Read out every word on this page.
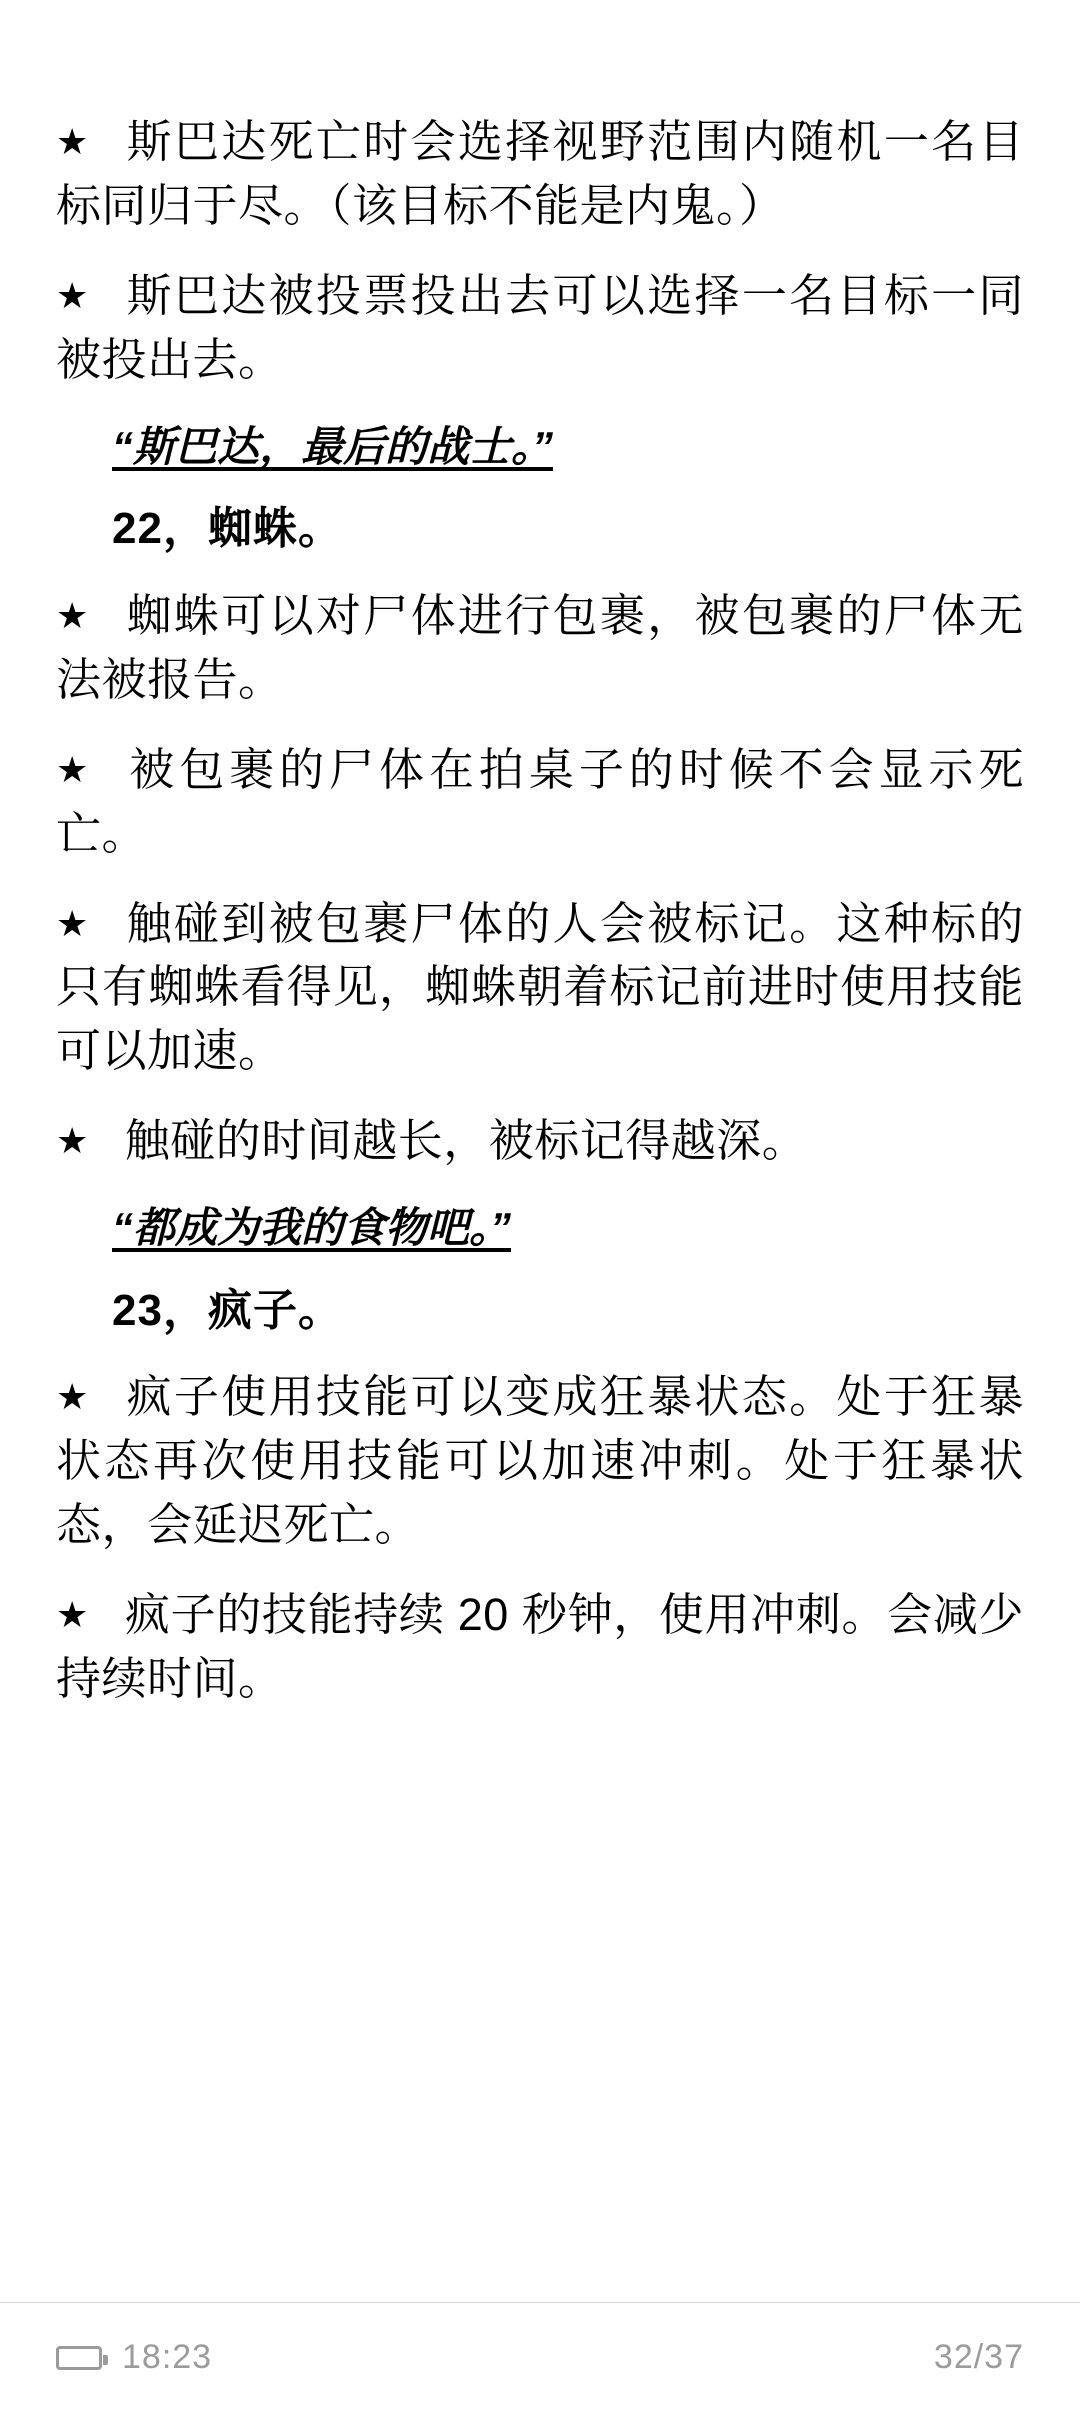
★ 斯巴达死亡时会选择视野范围内随机一名目标同归于尽。（该目标不能是内鬼。）

★ 斯巴达被投票投出去可以选择一名目标一同被投出去。

“斯巴达，最后的战士。”

22，蜘蛛。

★ 蜘蛛可以对尸体进行包裹，被包裹的尸体无法被报告。

★ 被包裹的尸体在拍桌子的时候不会显示死亡。

★ 触碰到被包裹尸体的人会被标记。这种标的只有蜘蛛看得见，蜘蛛朝着标记前进时使用技能可以加速。

★ 触碰的时间越长，被标记得越深。

“都成为我的食物吧。”

23，疯子。

★ 疯子使用技能可以变成狂暴状态。处于狂暴状态再次使用技能可以加速冲刺。处于狂暴状态，会延迟死亡。

★ 疯子的技能持续 20 秒钟，使用冲刺。会减少持续时间。

18:23	32/37
